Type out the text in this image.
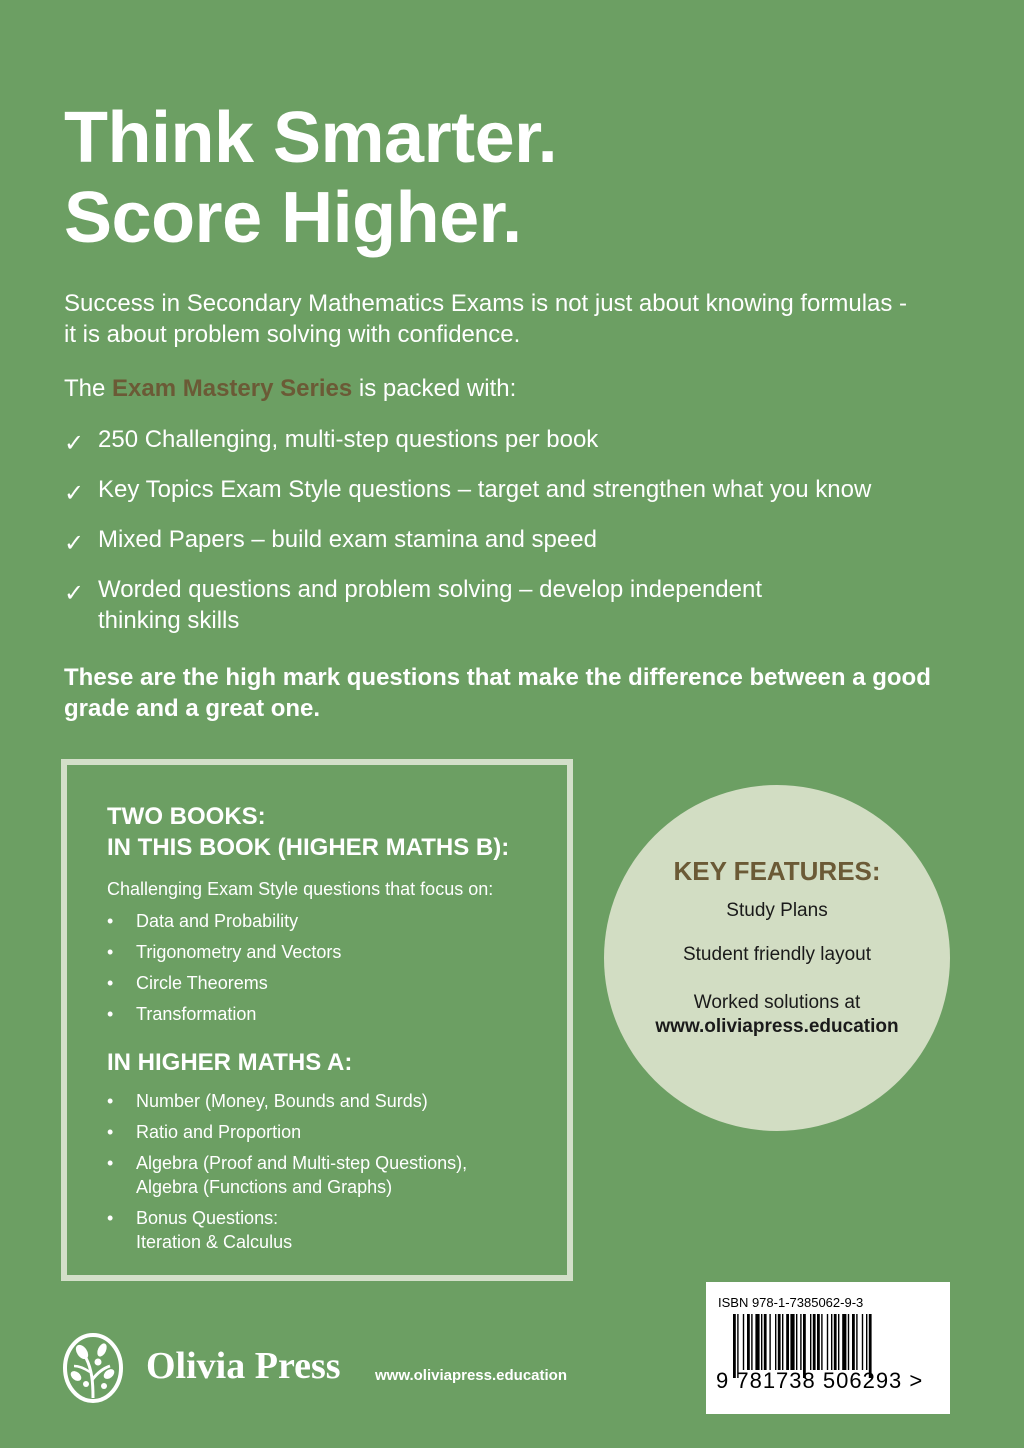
Think Smarter.
Score Higher.

Success in Secondary Mathematics Exams is not just about knowing formulas - it is about problem solving with confidence.

The Exam Mastery Series is packed with:

✓ 250 Challenging, multi-step questions per book
✓ Key Topics Exam Style questions – target and strengthen what you know
✓ Mixed Papers – build exam stamina and speed
✓ Worded questions and problem solving – develop independent thinking skills

These are the high mark questions that make the difference between a good grade and a great one.

TWO BOOKS:
IN THIS BOOK (HIGHER MATHS B):

Challenging Exam Style questions that focus on:

• Data and Probability
• Trigonometry and Vectors
• Circle Theorems
• Transformation

IN HIGHER MATHS A:

• Number (Money, Bounds and Surds)
• Ratio and Proportion
• Algebra (Proof and Multi-step Questions), Algebra (Functions and Graphs)
• Bonus Questions: Iteration & Calculus

KEY FEATURES:

Study Plans

Student friendly layout

Worked solutions at

www.oliviapress.education

Olivia Press www.oliviapress.education

ISBN 978-1-7385062-9-3

9 781738 506293 >
